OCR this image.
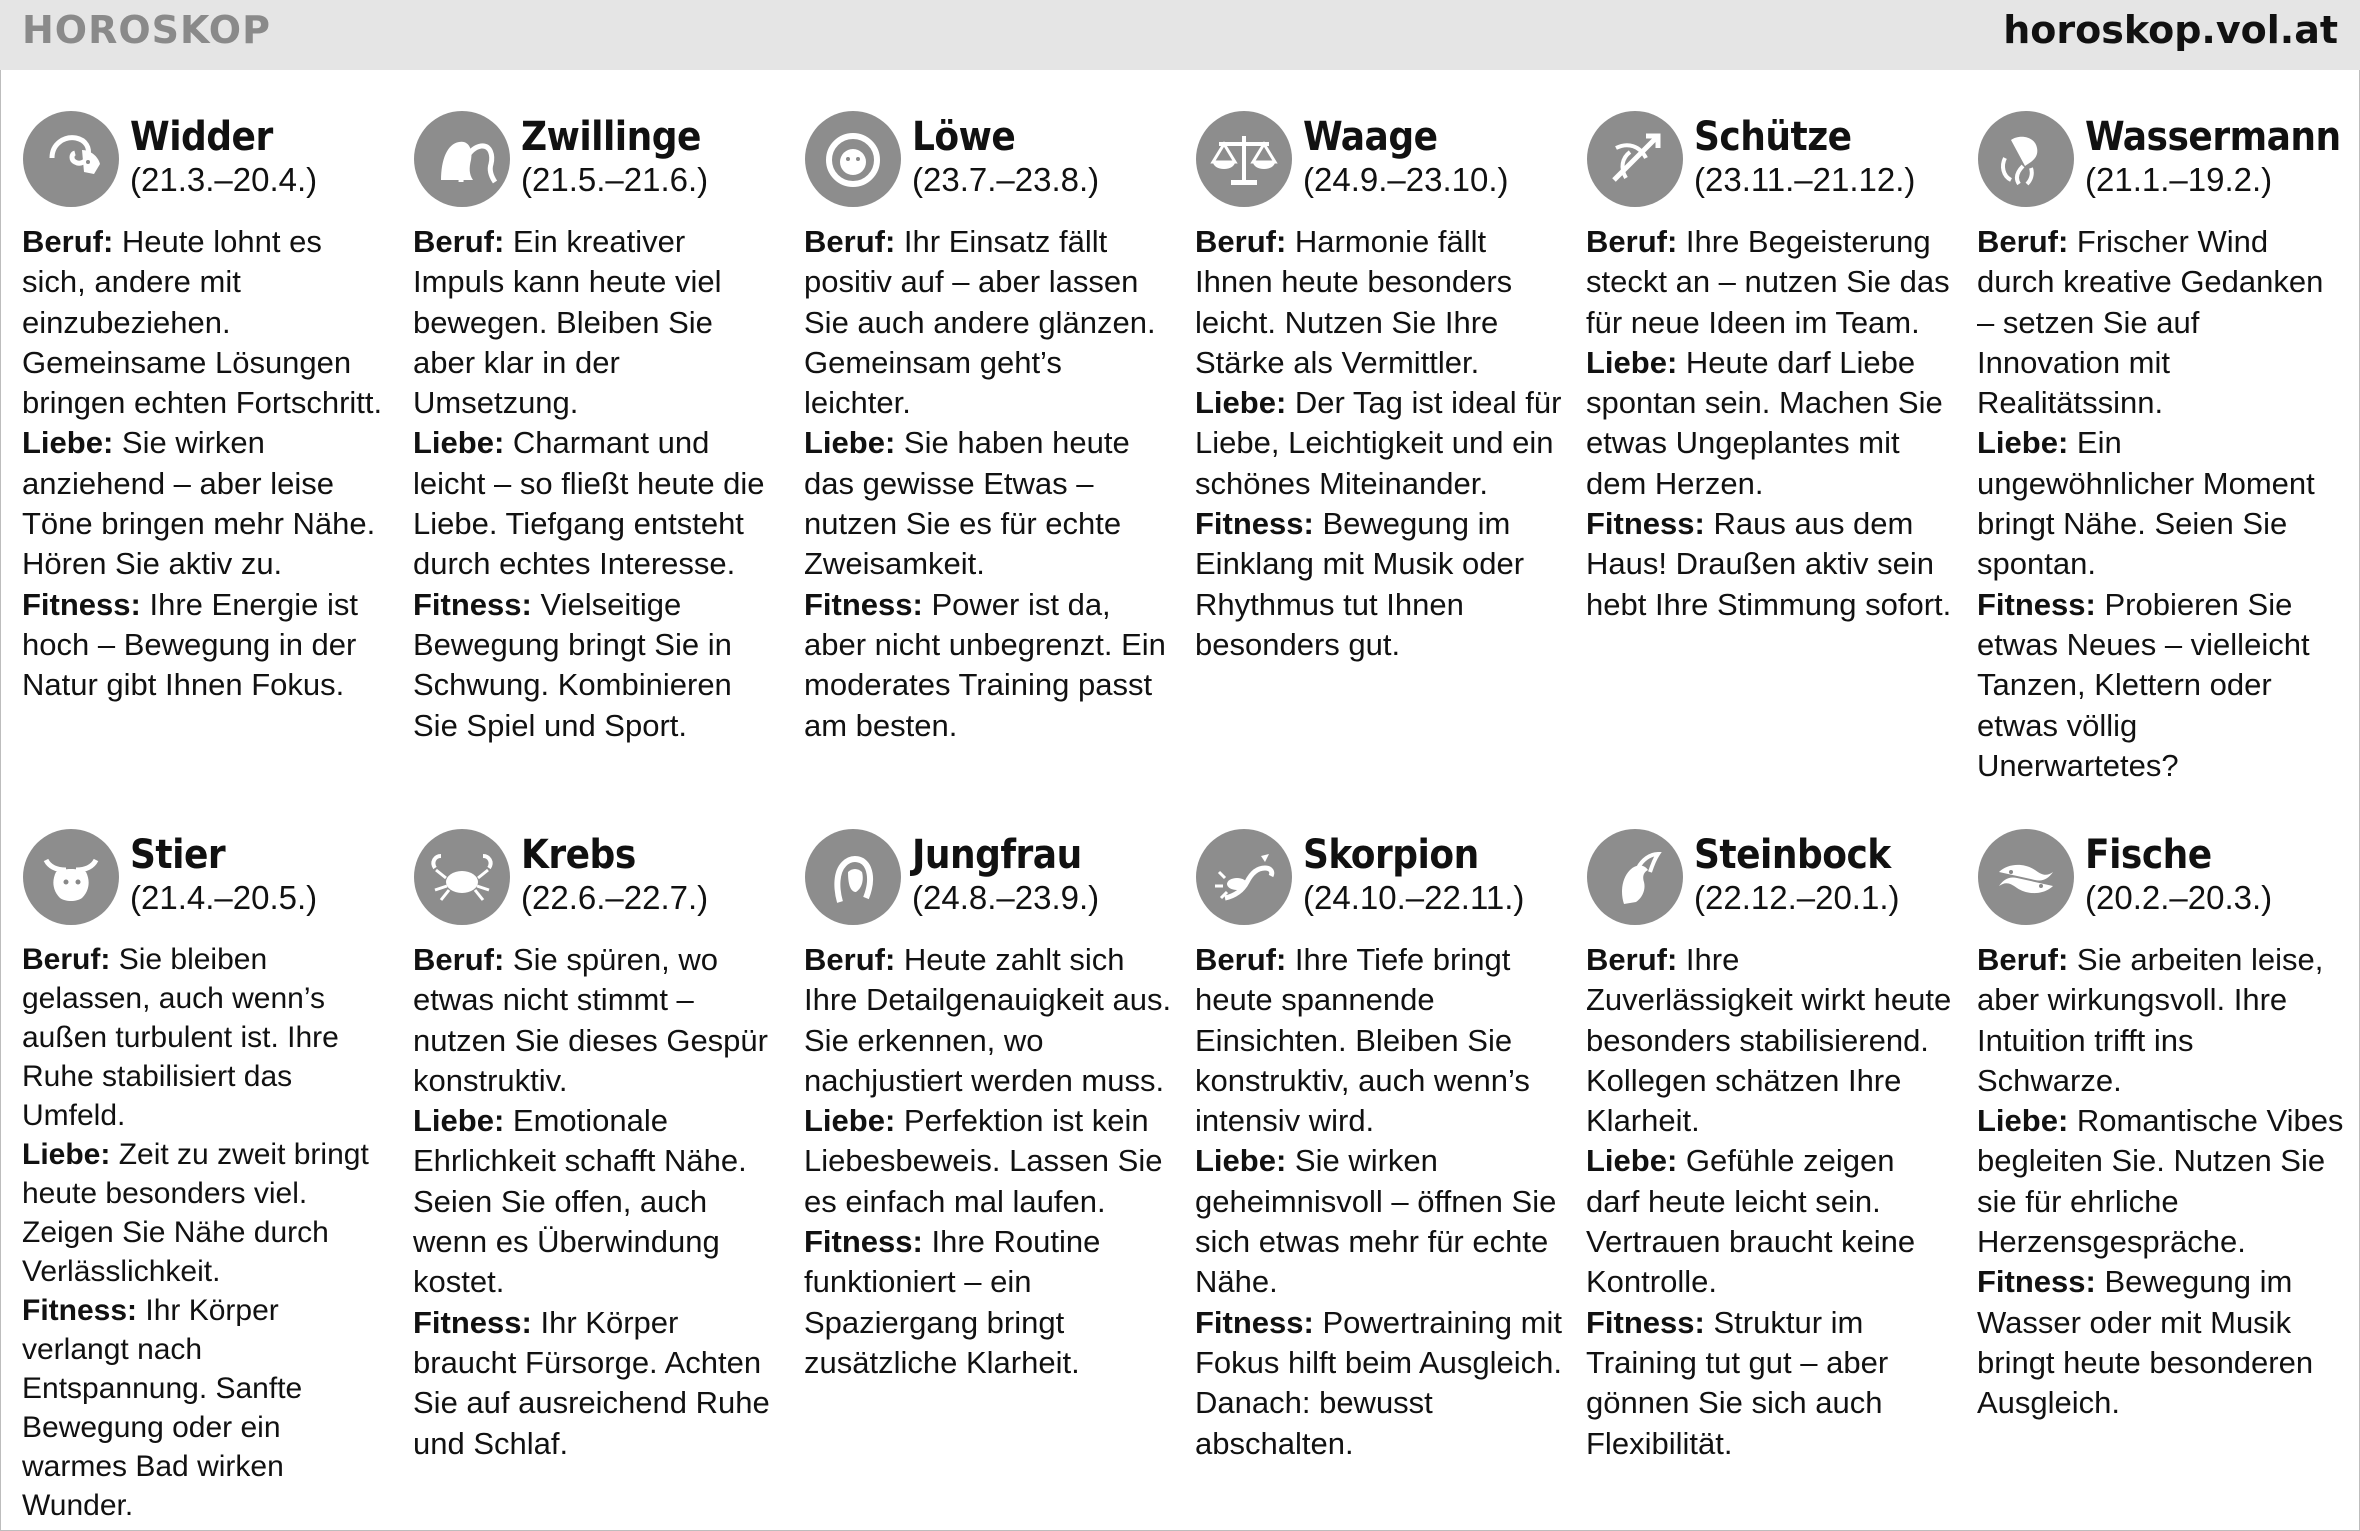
HOROSKOP	horoskop.vol.at
Widder
(21.3.–20.4.)

Beruf: Heute lohnt es sich, andere mit einzubeziehen. Gemeinsame Lösungen bringen echten Fortschritt.

Liebe: Sie wirken anziehend – aber leise Töne bringen mehr Nähe. Hören Sie aktiv zu.

Fitness: Ihre Energie ist hoch – Bewegung in der Natur gibt Ihnen Fokus.

Zwillinge
(21.5.–21.6.)

Beruf: Ein kreativer Impuls kann heute viel bewegen. Bleiben Sie aber klar in der Umsetzung.

Liebe: Charmant und leicht – so fließt heute die Liebe. Tiefgang entsteht durch echtes Interesse.

Fitness: Vielseitige Bewegung bringt Sie in Schwung. Kombinieren Sie Spiel und Sport.

Löwe
(23.7.–23.8.)

Beruf: Ihr Einsatz fällt positiv auf – aber lassen Sie auch andere glänzen. Gemeinsam geht’s leichter.

Liebe: Sie haben heute das gewisse Etwas – nutzen Sie es für echte Zweisamkeit.

Fitness: Power ist da, aber nicht unbegrenzt. Ein moderates Training passt am besten.

Waage
(24.9.–23.10.)

Beruf: Harmonie fällt Ihnen heute besonders leicht. Nutzen Sie Ihre Stärke als Vermittler.

Liebe: Der Tag ist ideal für Liebe, Leichtigkeit und ein schönes Miteinander.

Fitness: Bewegung im Einklang mit Musik oder Rhythmus tut Ihnen besonders gut.

Schütze
(23.11.–21.12.)

Beruf: Ihre Begeisterung steckt an – nutzen Sie das für neue Ideen im Team.

Liebe: Heute darf Liebe spontan sein. Machen Sie etwas Ungeplantes mit dem Herzen.

Fitness: Raus aus dem Haus! Draußen aktiv sein hebt Ihre Stimmung sofort.

Wassermann
(21.1.–19.2.)

Beruf: Frischer Wind durch kreative Gedanken – setzen Sie auf Innovation mit Realitätssinn.

Liebe: Ein ungewöhnlicher Moment bringt Nähe. Seien Sie spontan.

Fitness: Probieren Sie etwas Neues – vielleicht Tanzen, Klettern oder etwas völlig Unerwartetes?

Stier
(21.4.–20.5.)

Beruf: Sie bleiben gelassen, auch wenn’s außen turbulent ist. Ihre Ruhe stabilisiert das Umfeld.

Liebe: Zeit zu zweit bringt heute besonders viel. Zeigen Sie Nähe durch Verlässlichkeit.

Fitness: Ihr Körper verlangt nach Entspannung. Sanfte Bewegung oder ein warmes Bad wirken Wunder.

Krebs
(22.6.–22.7.)

Beruf: Sie spüren, wo etwas nicht stimmt – nutzen Sie dieses Gespür konstruktiv.

Liebe: Emotionale Ehrlichkeit schafft Nähe. Seien Sie offen, auch wenn es Überwindung kostet.

Fitness: Ihr Körper braucht Fürsorge. Achten Sie auf ausreichend Ruhe und Schlaf.

Jungfrau
(24.8.–23.9.)

Beruf: Heute zahlt sich Ihre Detailgenauigkeit aus. Sie erkennen, wo nachjustiert werden muss.

Liebe: Perfektion ist kein Liebesbeweis. Lassen Sie es einfach mal laufen.

Fitness: Ihre Routine funktioniert – ein Spaziergang bringt zusätzliche Klarheit.

Skorpion
(24.10.–22.11.)

Beruf: Ihre Tiefe bringt heute spannende Einsichten. Bleiben Sie konstruktiv, auch wenn’s intensiv wird.

Liebe: Sie wirken geheimnisvoll – öffnen Sie sich etwas mehr für echte Nähe.

Fitness: Powertraining mit Fokus hilft beim Ausgleich. Danach: bewusst abschalten.

Steinbock
(22.12.–20.1.)

Beruf: Ihre Zuverlässigkeit wirkt heute besonders stabilisierend. Kollegen schätzen Ihre Klarheit.

Liebe: Gefühle zeigen darf heute leicht sein. Vertrauen braucht keine Kontrolle.

Fitness: Struktur im Training tut gut – aber gönnen Sie sich auch Flexibilität.

Fische
(20.2.–20.3.)

Beruf: Sie arbeiten leise, aber wirkungsvoll. Ihre Intuition trifft ins Schwarze.

Liebe: Romantische Vibes begleiten Sie. Nutzen Sie sie für ehrliche Herzensgespräche.

Fitness: Bewegung im Wasser oder mit Musik bringt heute besonderen Ausgleich.
